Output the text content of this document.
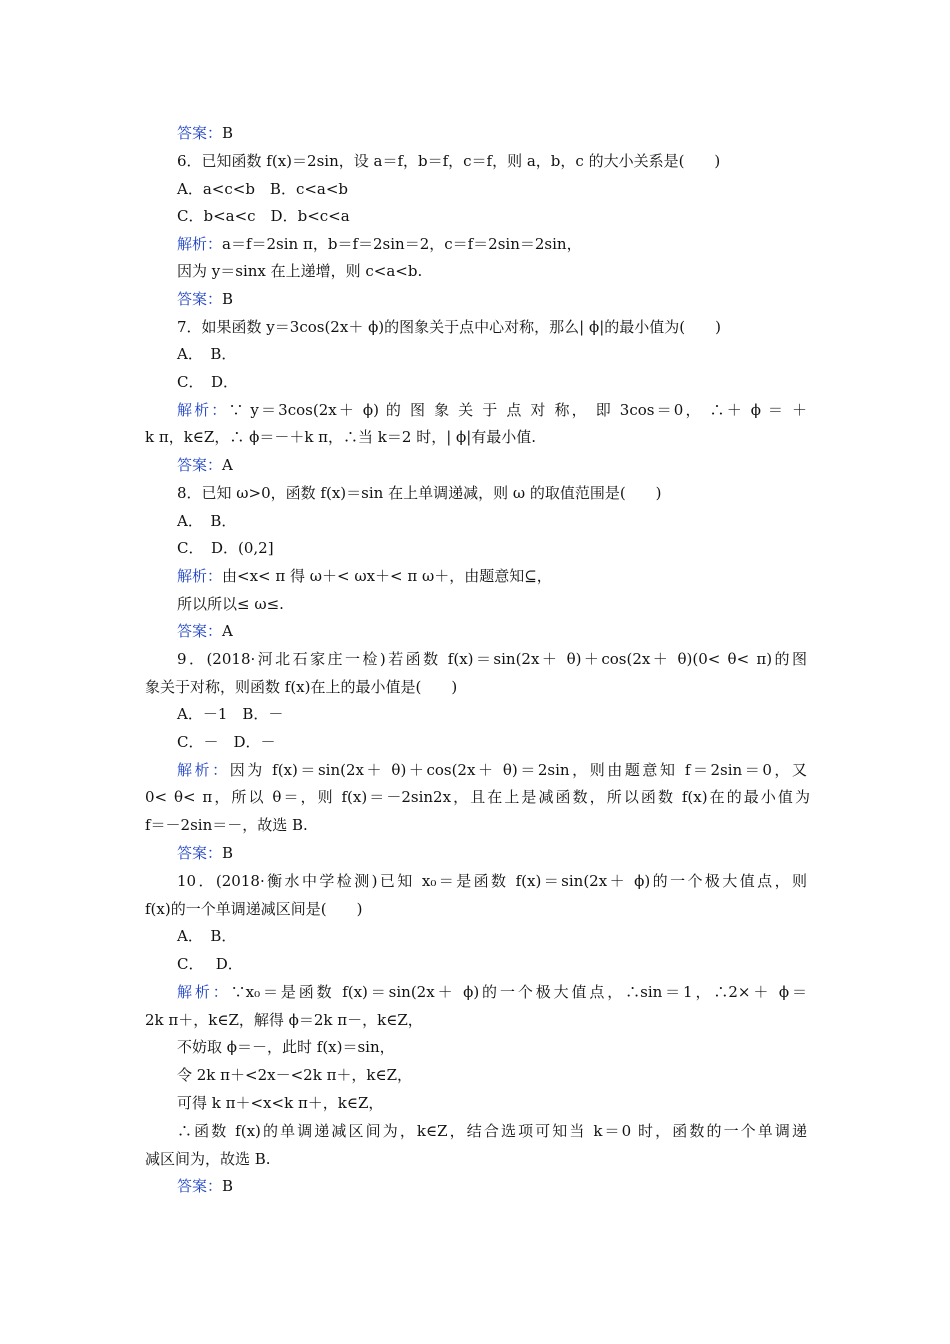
答案：B
6．已知函数 f(x)＝2sin，设 a＝f，b＝f，c＝f，则 a，b，c 的大小关系是(　　)
A．a<c<b　B．c<a<b
C．b<a<c　D．b<c<a
解析：a＝f＝2sin π，b＝f＝2sin＝2，c＝f＝2sin＝2sin，
因为 y＝sinx 在上递增，则 c<a<b.
答案：B
7．如果函数 y＝3cos(2x＋ ϕ)的图象关于点中心对称，那么| ϕ|的最小值为(　　)
A．　B．
C．　D．
解析：∵ y＝3cos(2x＋ ϕ) 的 图 象 关 于 点 对 称， 即 3cos＝0， ∴＋ ϕ ＝ ＋
k π，k∈Z，∴ ϕ＝－＋k π，∴当 k＝2 时，| ϕ|有最小值.
答案：A
8．已知 ω>0，函数 f(x)＝sin 在上单调递减，则 ω 的取值范围是(　　)
A．　B．
C．　D．(0,2]
解析：由<x< π 得 ω＋< ωx＋< π ω＋，由题意知⊆，
所以所以≤ ω≤.
答案：A
9．(2018·河北石家庄一检)若函数 f(x)＝sin(2x＋ θ)＋cos(2x＋ θ)(0< θ< π)的图
象关于对称，则函数 f(x)在上的最小值是(　　)
A．－1　B．－
C．－　D．－
解析：因为 f(x)＝sin(2x＋ θ)＋cos(2x＋ θ)＝2sin，则由题意知 f＝2sin＝0，又
0< θ< π，所以 θ＝，则 f(x)＝－2sin2x，且在上是减函数，所以函数 f(x)在的最小值为
f＝－2sin＝－，故选 B.
答案：B
10．(2018·衡水中学检测)已知 x₀＝是函数 f(x)＝sin(2x＋ ϕ)的一个极大值点，则
f(x)的一个单调递减区间是(　　)
A．　B．
C．　 D．
解析：∵x₀＝是函数 f(x)＝sin(2x＋ ϕ)的一个极大值点，∴sin＝1，∴2×＋ ϕ＝
2k π＋，k∈Z，解得 ϕ＝2k π－，k∈Z，
不妨取 ϕ＝－，此时 f(x)＝sin，
令 2k π＋<2x－<2k π＋，k∈Z，
可得 k π＋<x<k π＋，k∈Z，
∴函数 f(x)的单调递减区间为，k∈Z，结合选项可知当 k＝0 时，函数的一个单调递
减区间为，故选 B.
答案：B
